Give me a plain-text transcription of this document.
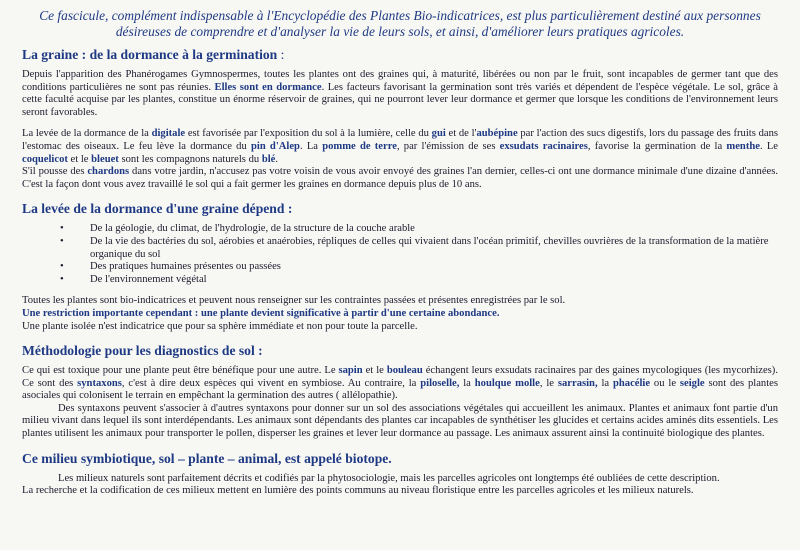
Ce fascicule, complément indispensable à l'Encyclopédie des Plantes Bio-indicatrices, est plus particulièrement destiné aux personnes désireuses de comprendre et d'analyser la vie de leurs sols, et ainsi, d'améliorer leurs pratiques agricoles.

La graine : de la dormance à la germination :

Depuis l'apparition des Phanérogames Gymnospermes, toutes les plantes ont des graines qui, à maturité, libérées ou non par le fruit, sont incapables de germer tant que des conditions particulières ne sont pas réunies. Elles sont en dormance. Les facteurs favorisant la germination sont très variés et dépendent de l'espèce végétale. Le sol, grâce à cette faculté acquise par les plantes, constitue un énorme réservoir de graines, qui ne pourront lever leur dormance et germer que lorsque les conditions de l'environnement leurs seront favorables.

La levée de la dormance de la digitale est favorisée par l'exposition du sol à la lumière, celle du gui et de l'aubépine par l'action des sucs digestifs, lors du passage des fruits dans l'estomac des oiseaux. Le feu lève la dormance du pin d'Alep. La pomme de terre, par l'émission de ses exsudats racinaires, favorise la germination de la menthe. Le coquelicot et le bleuet sont les compagnons naturels du blé.

S'il pousse des chardons dans votre jardin, n'accusez pas votre voisin de vous avoir envoyé des graines l'an dernier, celles-ci ont une dormance minimale d'une dizaine d'années. C'est la façon dont vous avez travaillé le sol qui a fait germer les graines en dormance depuis plus de 10 ans.

La levée de la dormance d'une graine dépend :
• De la géologie, du climat, de l'hydrologie, de la structure de la couche arable
• De la vie des bactéries du sol, aérobies et anaérobies, répliques de celles qui vivaient dans l'océan primitif, chevilles ouvrières de la transformation de la matière organique du sol
• Des pratiques humaines présentes ou passées
• De l'environnement végétal

Toutes les plantes sont bio-indicatrices et peuvent nous renseigner sur les contraintes passées et présentes enregistrées par le sol.

Une restriction importante cependant : une plante devient significative à partir d'une certaine abondance.

Une plante isolée n'est indicatrice que pour sa sphère immédiate et non pour toute la parcelle.

Méthodologie pour les diagnostics de sol :

Ce qui est toxique pour une plante peut être bénéfique pour une autre. Le sapin et le bouleau échangent leurs exsudats racinaires par des gaines mycologiques (les mycorhizes). Ce sont des syntaxons, c'est à dire deux espèces qui vivent en symbiose. Au contraire, la piloselle, la houlque molle, le sarrasin, la phacélie ou le seigle sont des plantes asociales qui colonisent le terrain en empêchant la germination des autres ( allélopathie).

Des syntaxons peuvent s'associer à d'autres syntaxons pour donner sur un sol des associations végétales qui accueillent les animaux. Plantes et animaux font partie d'un milieu vivant dans lequel ils sont interdépendants. Les animaux sont dépendants des plantes car incapables de synthétiser les glucides et certains acides aminés dits essentiels. Les plantes utilisent les animaux pour transporter le pollen, disperser les graines et lever leur dormance au passage. Les animaux assurent ainsi la continuité biologique des plantes.

Ce milieu symbiotique, sol – plante – animal, est appelé biotope.

Les milieux naturels sont parfaitement décrits et codifiés par la phytosociologie, mais les parcelles agricoles ont longtemps été oubliées de cette description.

La recherche et la codification de ces milieux mettent en lumière des points communs au niveau floristique entre les parcelles agricoles et les milieux naturels.
